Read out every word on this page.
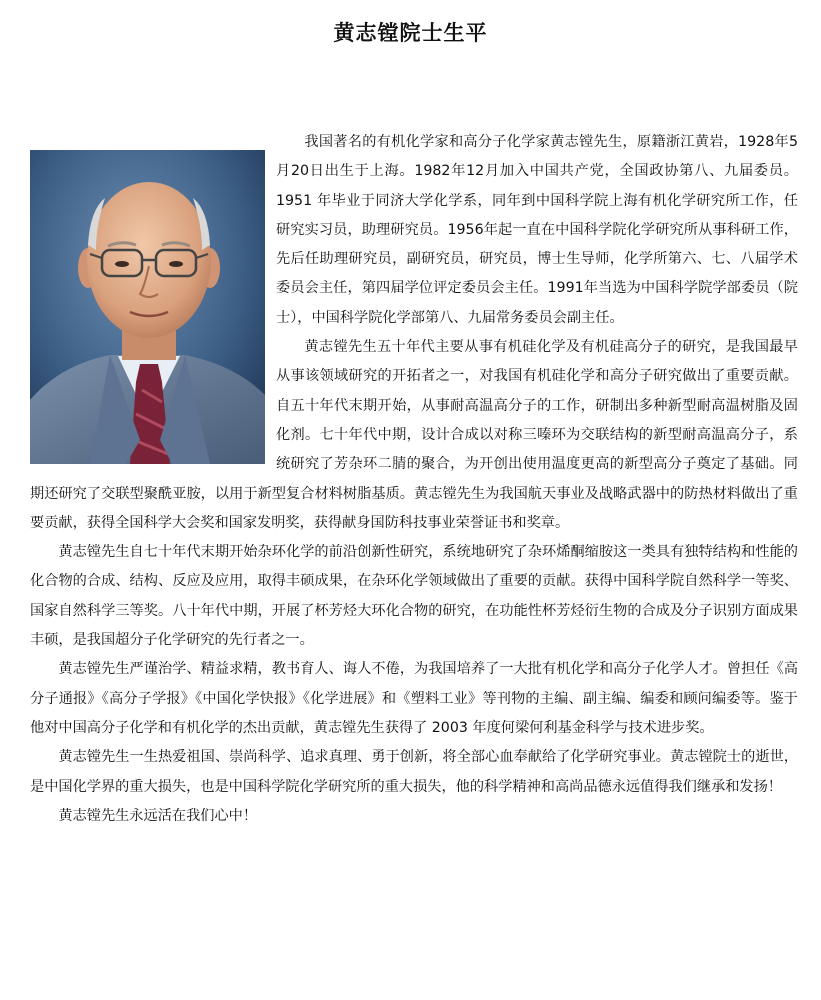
黄志镗院士生平

我国著名的有机化学家和高分子化学家黄志镗先生，原籍浙江黄岩，1928年5月20日出生于上海。1982年12月加入中国共产党，全国政协第八、九届委员。1951 年毕业于同济大学化学系，同年到中国科学院上海有机化学研究所工作，任研究实习员，助理研究员。1956年起一直在中国科学院化学研究所从事科研工作，先后任助理研究员，副研究员，研究员，博士生导师，化学所第六、七、八届学术委员会主任，第四届学位评定委员会主任。1991年当选为中国科学院学部委员（院士），中国科学院化学部第八、九届常务委员会副主任。

黄志镗先生五十年代主要从事有机硅化学及有机硅高分子的研究，是我国最早从事该领域研究的开拓者之一，对我国有机硅化学和高分子研究做出了重要贡献。自五十年代末期开始，从事耐高温高分子的工作，研制出多种新型耐高温树脂及固化剂。七十年代中期，设计合成以对称三嗪环为交联结构的新型耐高温高分子，系统研究了芳杂环二腈的聚合，为开创出使用温度更高的新型高分子奠定了基础。同期还研究了交联型聚酰亚胺，以用于新型复合材料树脂基质。黄志镗先生为我国航天事业及战略武器中的防热材料做出了重要贡献，获得全国科学大会奖和国家发明奖，获得献身国防科技事业荣誉证书和奖章。

黄志镗先生自七十年代末期开始杂环化学的前沿创新性研究，系统地研究了杂环烯酮缩胺这一类具有独特结构和性能的化合物的合成、结构、反应及应用，取得丰硕成果，在杂环化学领域做出了重要的贡献。获得中国科学院自然科学一等奖、国家自然科学三等奖。八十年代中期，开展了杯芳烃大环化合物的研究，在功能性杯芳烃衍生物的合成及分子识别方面成果丰硕，是我国超分子化学研究的先行者之一。

黄志镗先生严谨治学、精益求精，教书育人、诲人不倦，为我国培养了一大批有机化学和高分子化学人才。曾担任《高分子通报》《高分子学报》《中国化学快报》《化学进展》和《塑料工业》等刊物的主编、副主编、编委和顾问编委等。鉴于他对中国高分子化学和有机化学的杰出贡献，黄志镗先生获得了 2003 年度何梁何利基金科学与技术进步奖。

黄志镗先生一生热爱祖国、崇尚科学、追求真理、勇于创新，将全部心血奉献给了化学研究事业。黄志镗院士的逝世，是中国化学界的重大损失，也是中国科学院化学研究所的重大损失，他的科学精神和高尚品德永远值得我们继承和发扬！

黄志镗先生永远活在我们心中！
